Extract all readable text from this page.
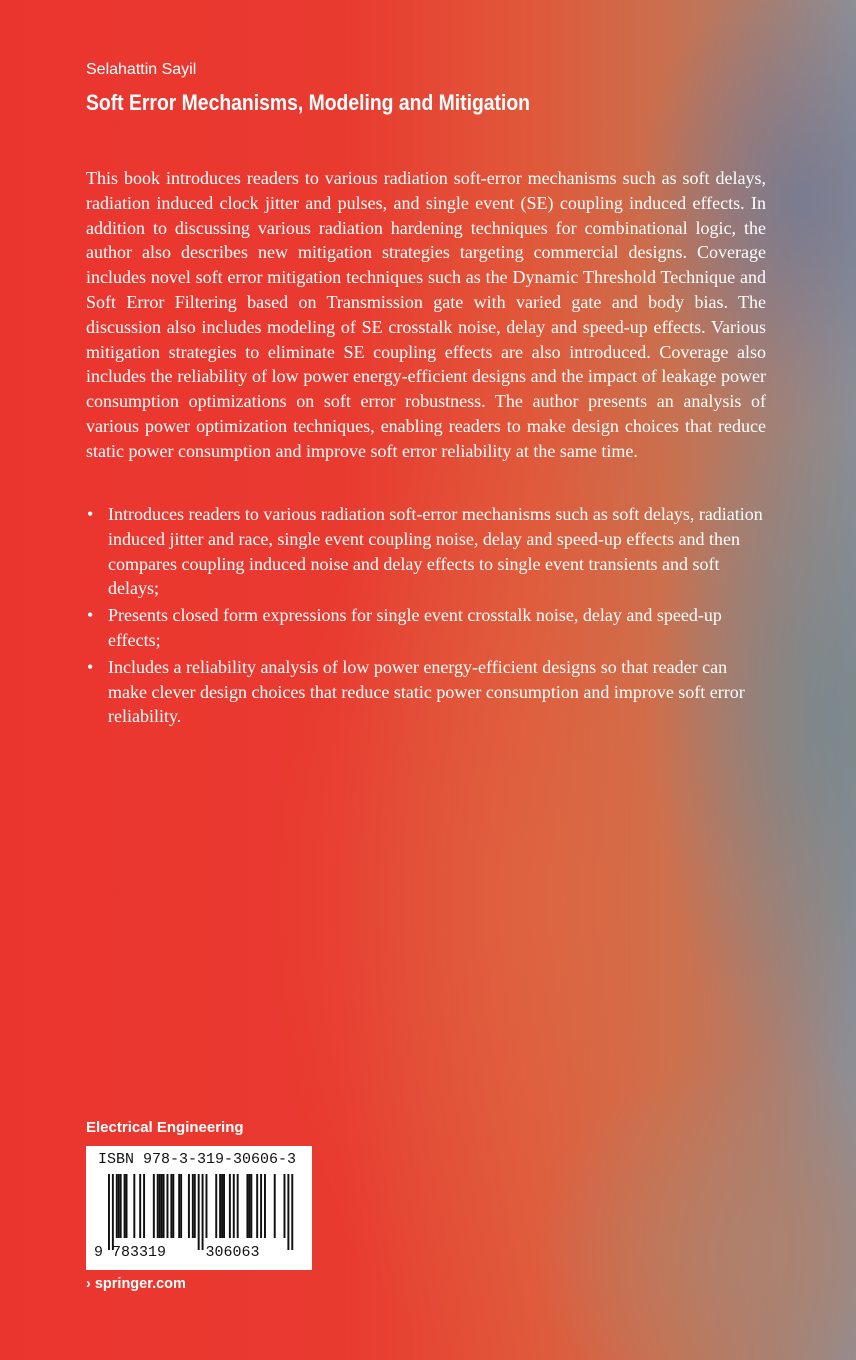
Selahattin Sayil
Soft Error Mechanisms, Modeling and Mitigation

This book introduces readers to various radiation soft-error mechanisms such as soft delays, radiation induced clock jitter and pulses, and single event (SE) coupling induced effects. In addition to discussing various radiation hardening techniques for combinational logic, the author also describes new mitigation strategies targeting commercial designs. Coverage includes novel soft error mitigation techniques such as the Dynamic Threshold Technique and Soft Error Filtering based on Transmission gate with varied gate and body bias. The discussion also includes modeling of SE crosstalk noise, delay and speed-up effects. Various mitigation strategies to eliminate SE coupling effects are also introduced. Coverage also includes the reliability of low power energy-efficient designs and the impact of leakage power consumption optimizations on soft error robustness. The author presents an analysis of various power optimization techniques, enabling readers to make design choices that reduce static power consumption and improve soft error reliability at the same time.

• Introduces readers to various radiation soft-error mechanisms such as soft delays, radiation induced jitter and race, single event coupling noise, delay and speed-up effects and then compares coupling induced noise and delay effects to single event transients and soft delays;
• Presents closed form expressions for single event crosstalk noise, delay and speed-up effects;
• Includes a reliability analysis of low power energy-efficient designs so that reader can make clever design choices that reduce static power consumption and improve soft error reliability.
Electrical Engineering
9 783319	306063
ISBN 978-3-319-30606-3
› springer.com
